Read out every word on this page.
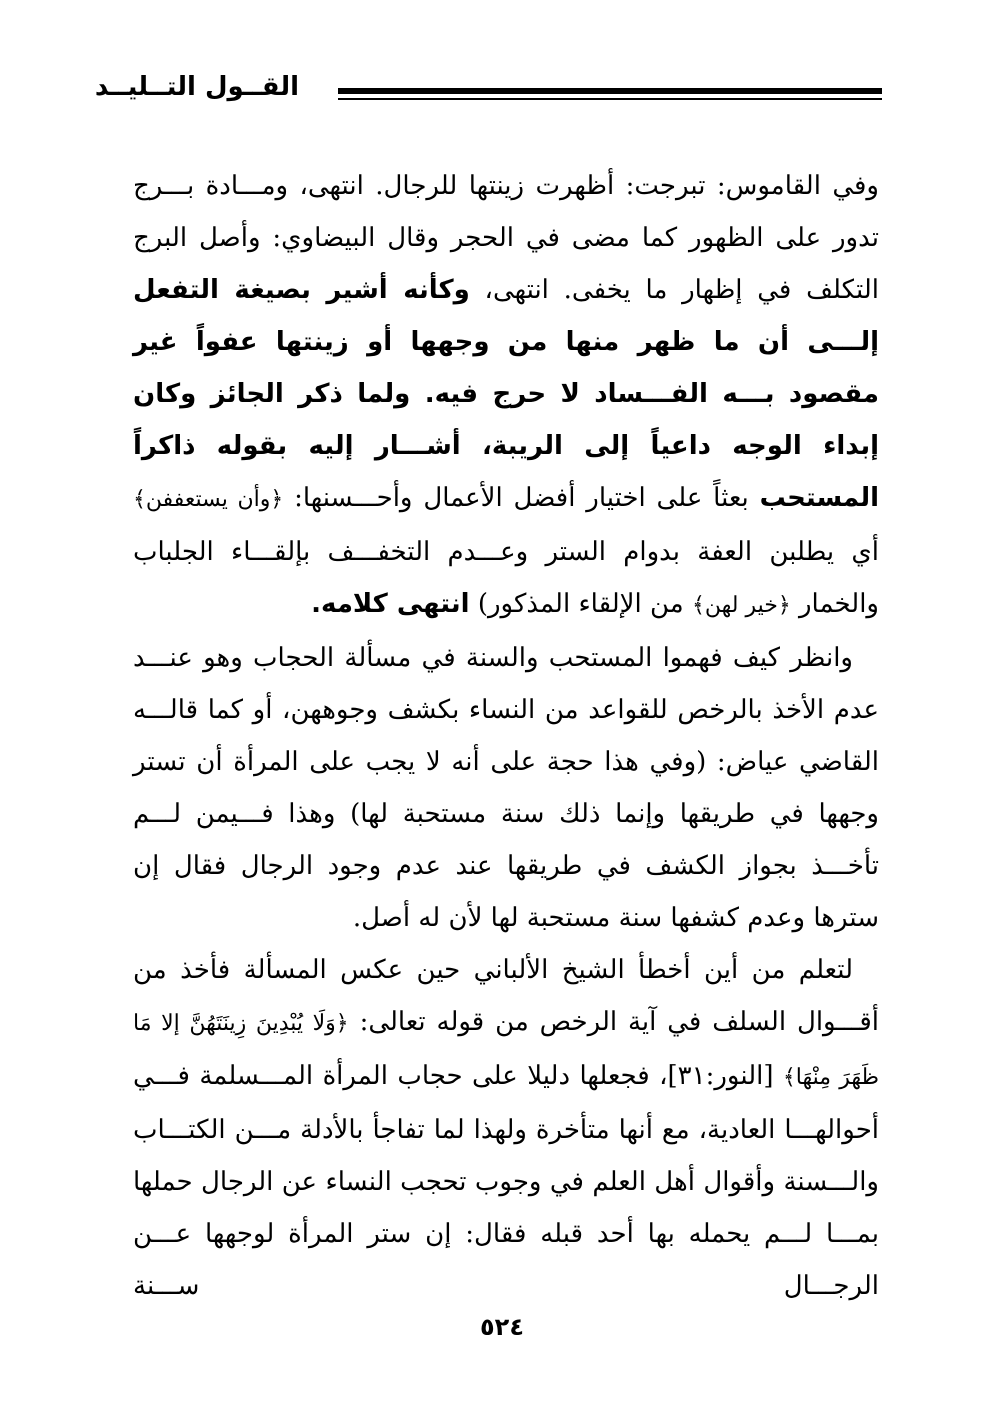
القــول التــليــد

وفي القاموس: تبرجت: أظهرت زينتها للرجال. انتهى، ومـــادة بـــرج تدور على الظهور كما مضى في الحجر وقال البيضاوي: وأصل البرج التكلف في إظهار ما يخفى. انتهى، وكأنه أشير بصيغة التفعل إلـــى أن ما ظهر منها من وجهها أو زينتها عفواً غير مقصود بـــه الفـــساد لا حرج فيه. ولما ذكر الجائز وكان إبداء الوجه داعياً إلى الريبة، أشـــار إليه بقوله ذاكراً المستحب بعثاً على اختيار أفضل الأعمال وأحـــسنها: ﴿وأن يستعففن﴾ أي يطلبن العفة بدوام الستر وعـــدم التخفـــف بإلقـــاء الجلباب والخمار ﴿خير لهن﴾ من الإلقاء المذكور) انتهى كلامه.

وانظر كيف فهموا المستحب والسنة في مسألة الحجاب وهو عنـــد عدم الأخذ بالرخص للقواعد من النساء بكشف وجوههن، أو كما قالـــه القاضي عياض: (وفي هذا حجة على أنه لا يجب على المرأة أن تستر وجهها في طريقها وإنما ذلك سنة مستحبة لها) وهذا فـــيمن لـــم تأخـــذ بجواز الكشف في طريقها عند عدم وجود الرجال فقال إن سترها وعدم كشفها سنة مستحبة لها لأن له أصل.

لتعلم من أين أخطأ الشيخ الألباني حين عكس المسألة فأخذ من أقـــوال السلف في آية الرخص من قوله تعالى: ﴿وَلَا يُبْدِينَ زِينَتَهُنَّ إلا مَا ظَهَرَ مِنْهَا﴾ [النور:٣١]، فجعلها دليلا على حجاب المرأة المـــسلمة فـــي أحوالهـــا العادية، مع أنها متأخرة ولهذا لما تفاجأ بالأدلة مـــن الكتـــاب والـــسنة وأقوال أهل العلم في وجوب تحجب النساء عن الرجال حملها بمـــا لـــم يحمله بها أحد قبله فقال: إن ستر المرأة لوجهها عـــن الرجـــال ســـنة

٥٢٤
